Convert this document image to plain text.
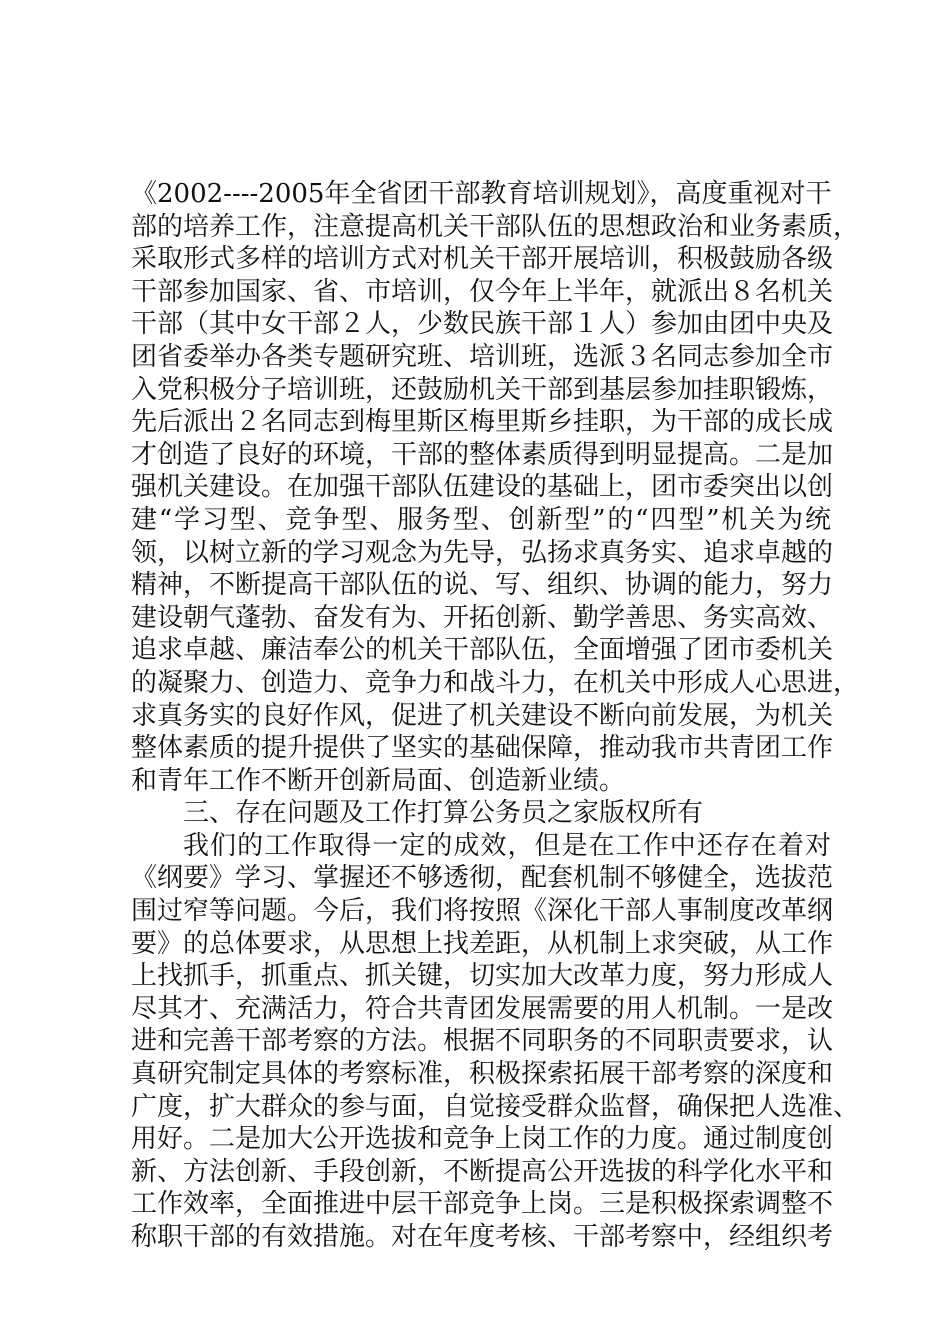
《2002----2005年全省团干部教育培训规划》，高度重视对干
部的培养工作，注意提高机关干部队伍的思想政治和业务素质，
采取形式多样的培训方式对机关干部开展培训，积极鼓励各级
干部参加国家、省、市培训，仅今年上半年，就派出８名机关
干部（其中女干部２人，少数民族干部１人）参加由团中央及
团省委举办各类专题研究班、培训班，选派３名同志参加全市
入党积极分子培训班，还鼓励机关干部到基层参加挂职锻炼，
先后派出２名同志到梅里斯区梅里斯乡挂职，为干部的成长成
才创造了良好的环境，干部的整体素质得到明显提高。二是加
强机关建设。在加强干部队伍建设的基础上，团市委突出以创
建“学习型、竞争型、服务型、创新型”的“四型”机关为统
领，以树立新的学习观念为先导，弘扬求真务实、追求卓越的
精神，不断提高干部队伍的说、写、组织、协调的能力，努力
建设朝气蓬勃、奋发有为、开拓创新、勤学善思、务实高效、
追求卓越、廉洁奉公的机关干部队伍，全面增强了团市委机关
的凝聚力、创造力、竞争力和战斗力，在机关中形成人心思进，
求真务实的良好作风，促进了机关建设不断向前发展，为机关
整体素质的提升提供了坚实的基础保障，推动我市共青团工作
和青年工作不断开创新局面、创造新业绩。
三、存在问题及工作打算公务员之家版权所有
我们的工作取得一定的成效，但是在工作中还存在着对
《纲要》学习、掌握还不够透彻，配套机制不够健全，选拔范
围过窄等问题。今后，我们将按照《深化干部人事制度改革纲
要》的总体要求，从思想上找差距，从机制上求突破，从工作
上找抓手，抓重点、抓关键，切实加大改革力度，努力形成人
尽其才、充满活力，符合共青团发展需要的用人机制。一是改
进和完善干部考察的方法。根据不同职务的不同职责要求，认
真研究制定具体的考察标准，积极探索拓展干部考察的深度和
广度，扩大群众的参与面，自觉接受群众监督，确保把人选准、
用好。二是加大公开选拔和竞争上岗工作的力度。通过制度创
新、方法创新、手段创新，不断提高公开选拔的科学化水平和
工作效率，全面推进中层干部竞争上岗。三是积极探索调整不
称职干部的有效措施。对在年度考核、干部考察中，经组织考
